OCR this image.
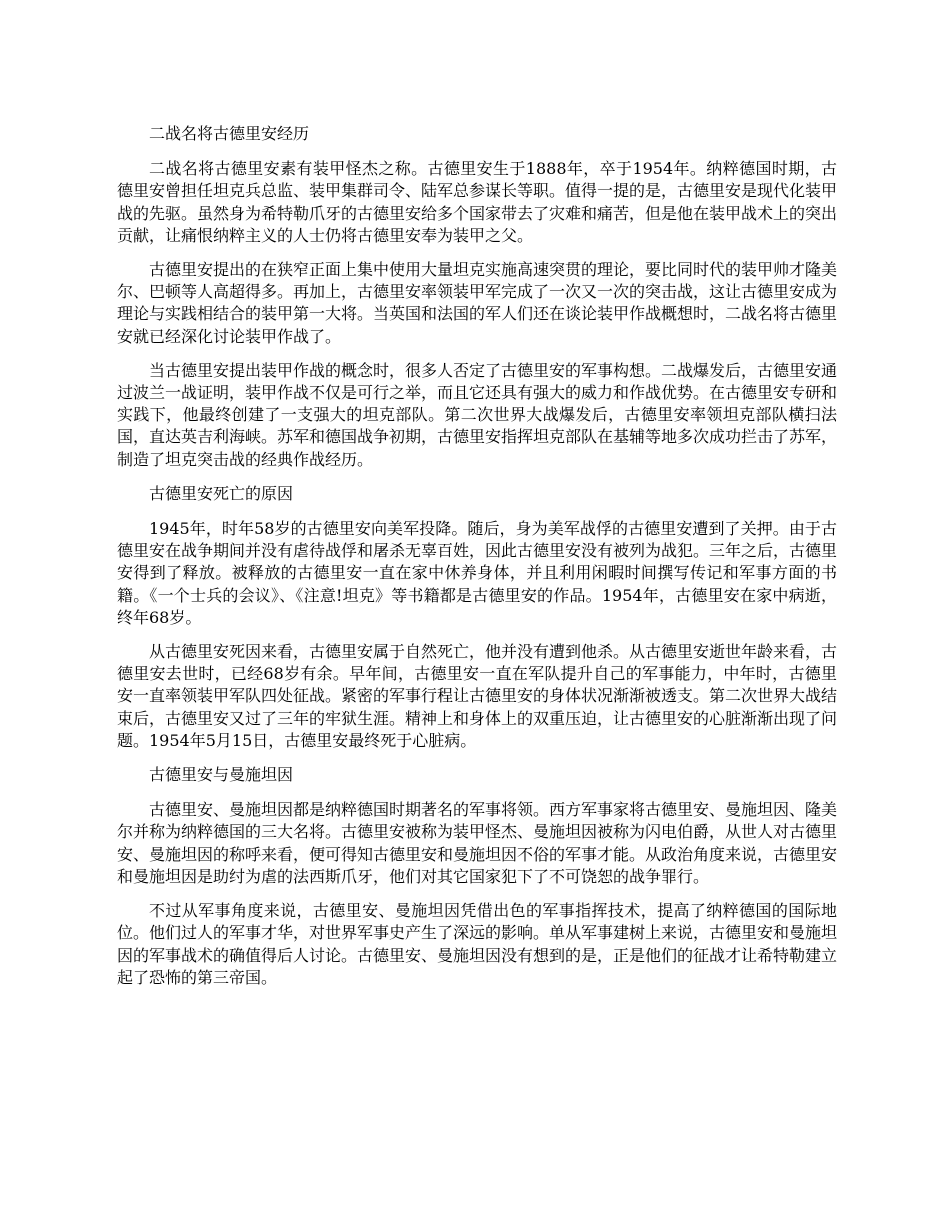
二战名将古德里安经历

二战名将古德里安素有装甲怪杰之称。古德里安生于1888年，卒于1954年。纳粹德国时期，古德里安曾担任坦克兵总监、装甲集群司令、陆军总参谋长等职。值得一提的是，古德里安是现代化装甲战的先驱。虽然身为希特勒爪牙的古德里安给多个国家带去了灾难和痛苦，但是他在装甲战术上的突出贡献，让痛恨纳粹主义的人士仍将古德里安奉为装甲之父。

古德里安提出的在狭窄正面上集中使用大量坦克实施高速突贯的理论，要比同时代的装甲帅才隆美尔、巴顿等人高超得多。再加上，古德里安率领装甲军完成了一次又一次的突击战，这让古德里安成为理论与实践相结合的装甲第一大将。当英国和法国的军人们还在谈论装甲作战概想时，二战名将古德里安就已经深化讨论装甲作战了。

当古德里安提出装甲作战的概念时，很多人否定了古德里安的军事构想。二战爆发后，古德里安通过波兰一战证明，装甲作战不仅是可行之举，而且它还具有强大的威力和作战优势。在古德里安专研和实践下，他最终创建了一支强大的坦克部队。第二次世界大战爆发后，古德里安率领坦克部队横扫法国，直达英吉利海峡。苏军和德国战争初期，古德里安指挥坦克部队在基辅等地多次成功拦击了苏军，制造了坦克突击战的经典作战经历。

古德里安死亡的原因

1945年，时年58岁的古德里安向美军投降。随后，身为美军战俘的古德里安遭到了关押。由于古德里安在战争期间并没有虐待战俘和屠杀无辜百姓，因此古德里安没有被列为战犯。三年之后，古德里安得到了释放。被释放的古德里安一直在家中休养身体，并且利用闲暇时间撰写传记和军事方面的书籍。《一个士兵的会议》、《注意!坦克》等书籍都是古德里安的作品。1954年，古德里安在家中病逝，终年68岁。

从古德里安死因来看，古德里安属于自然死亡，他并没有遭到他杀。从古德里安逝世年龄来看，古德里安去世时，已经68岁有余。早年间，古德里安一直在军队提升自己的军事能力，中年时，古德里安一直率领装甲军队四处征战。紧密的军事行程让古德里安的身体状况渐渐被透支。第二次世界大战结束后，古德里安又过了三年的牢狱生涯。精神上和身体上的双重压迫，让古德里安的心脏渐渐出现了问题。1954年5月15日，古德里安最终死于心脏病。

古德里安与曼施坦因

古德里安、曼施坦因都是纳粹德国时期著名的军事将领。西方军事家将古德里安、曼施坦因、隆美尔并称为纳粹德国的三大名将。古德里安被称为装甲怪杰、曼施坦因被称为闪电伯爵，从世人对古德里安、曼施坦因的称呼来看，便可得知古德里安和曼施坦因不俗的军事才能。从政治角度来说，古德里安和曼施坦因是助纣为虐的法西斯爪牙，他们对其它国家犯下了不可饶恕的战争罪行。

不过从军事角度来说，古德里安、曼施坦因凭借出色的军事指挥技术，提高了纳粹德国的国际地位。他们过人的军事才华，对世界军事史产生了深远的影响。单从军事建树上来说，古德里安和曼施坦因的军事战术的确值得后人讨论。古德里安、曼施坦因没有想到的是，正是他们的征战才让希特勒建立起了恐怖的第三帝国。
